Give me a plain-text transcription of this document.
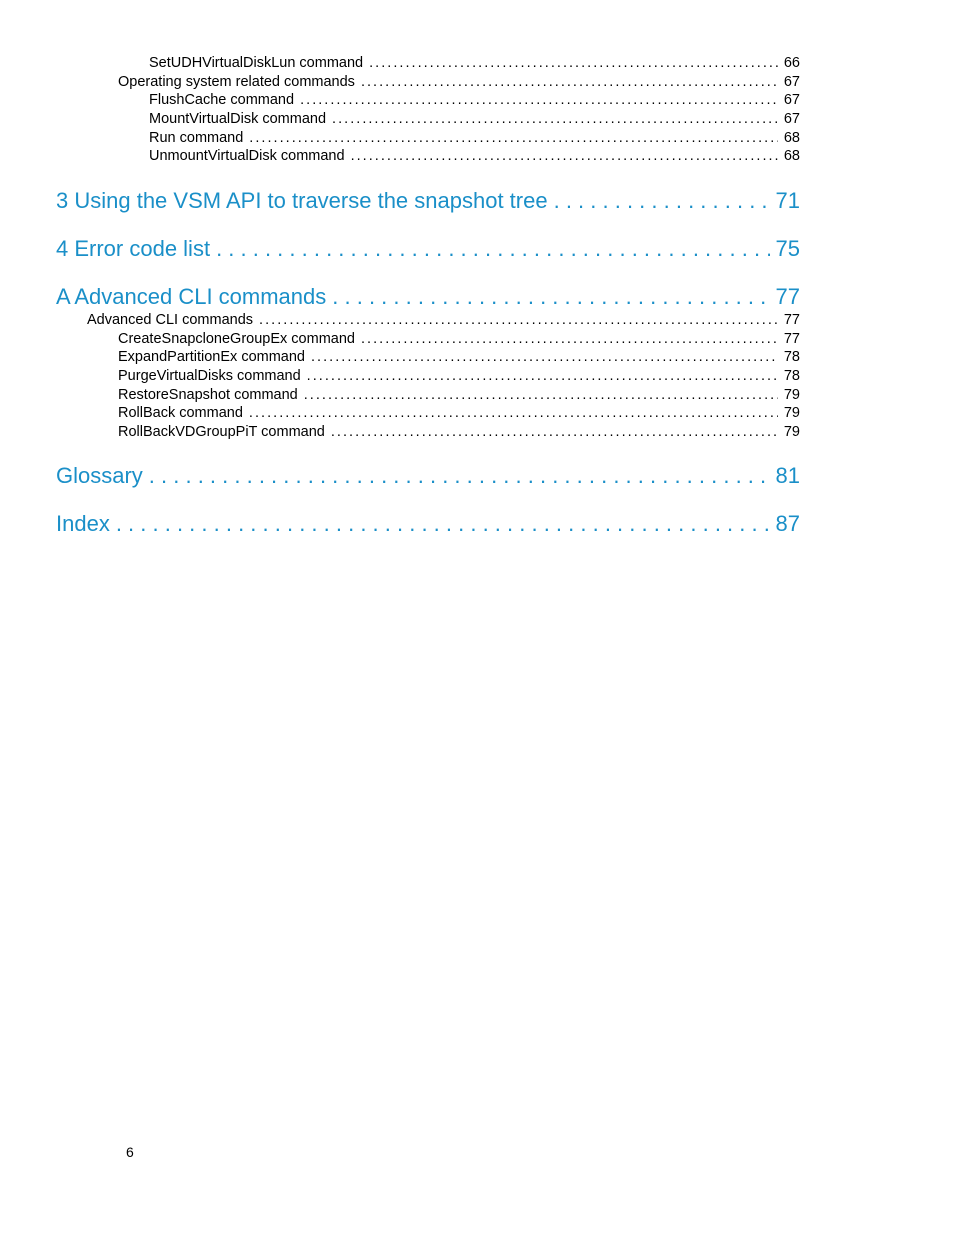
SetUDHVirtualDiskLun command . . .	66
Operating system related commands . . .	67
FlushCache command . . .	67
MountVirtualDisk command . . .	67
Run command . . .	68
UnmountVirtualDisk command . . .	68
3 Using the VSM API to traverse the snapshot tree . . .	71
4 Error code list . . .	75
A Advanced CLI commands . . .	77
Advanced CLI commands . . .	77
CreateSnapcloneGroupEx command . . .	77
ExpandPartitionEx command . . .	78
PurgeVirtualDisks command . . .	78
RestoreSnapshot command . . .	79
RollBack command . . .	79
RollBackVDGroupPiT command . . .	79
Glossary . . .	81
Index . . .	87
6
